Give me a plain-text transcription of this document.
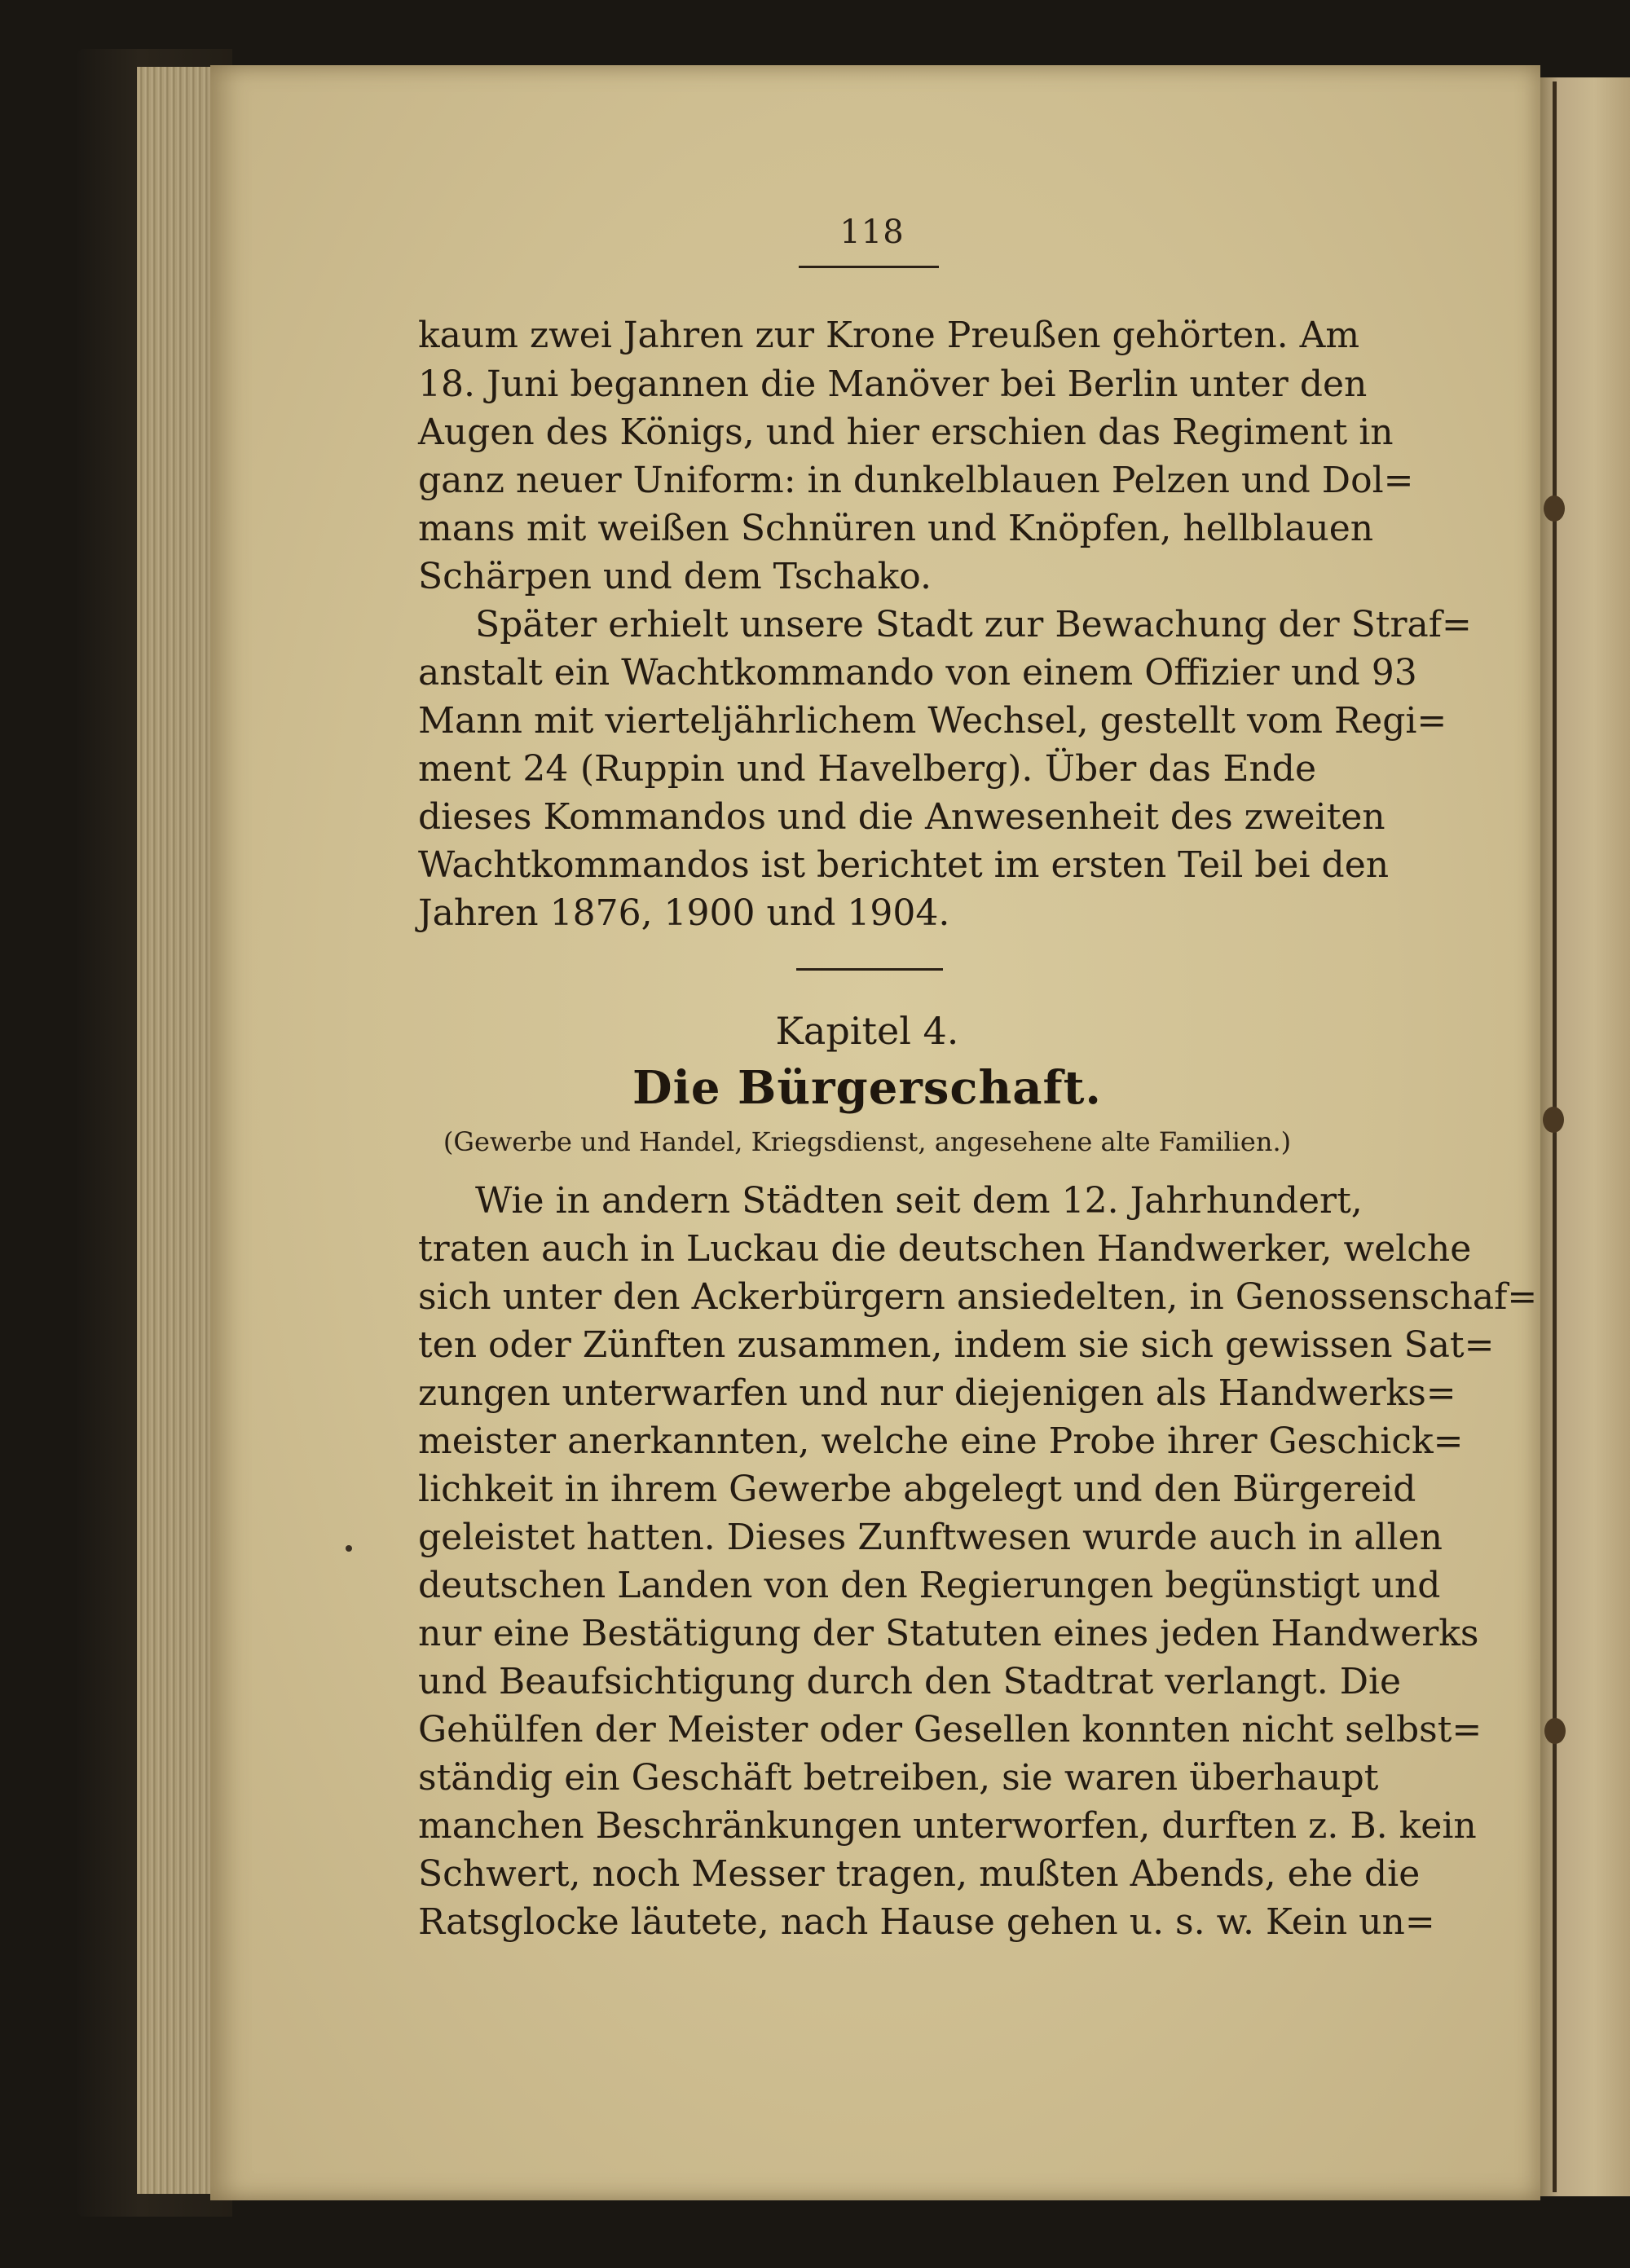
118
kaum zwei Jahren zur Krone Preußen gehörten. Am
18. Juni begannen die Manöver bei Berlin unter den
Augen des Königs, und hier erschien das Regiment in
ganz neuer Uniform: in dunkelblauen Pelzen und Dol=
mans mit weißen Schnüren und Knöpfen, hellblauen
Schärpen und dem Tschako.
Später erhielt unsere Stadt zur Bewachung der Straf=
anstalt ein Wachtkommando von einem Offizier und 93
Mann mit vierteljährlichem Wechsel, gestellt vom Regi=
ment 24 (Ruppin und Havelberg). Über das Ende
dieses Kommandos und die Anwesenheit des zweiten
Wachtkommandos ist berichtet im ersten Teil bei den
Jahren 1876, 1900 und 1904.
Kapitel 4.
Die Bürgerschaft.
(Gewerbe und Handel, Kriegsdienst, angesehene alte Familien.)
Wie in andern Städten seit dem 12. Jahrhundert,
traten auch in Luckau die deutschen Handwerker, welche
sich unter den Ackerbürgern ansiedelten, in Genossenschaf=
ten oder Zünften zusammen, indem sie sich gewissen Sat=
zungen unterwarfen und nur diejenigen als Handwerks=
meister anerkannten, welche eine Probe ihrer Geschick=
lichkeit in ihrem Gewerbe abgelegt und den Bürgereid
geleistet hatten. Dieses Zunftwesen wurde auch in allen
deutschen Landen von den Regierungen begünstigt und
nur eine Bestätigung der Statuten eines jeden Handwerks
und Beaufsichtigung durch den Stadtrat verlangt. Die
Gehülfen der Meister oder Gesellen konnten nicht selbst=
ständig ein Geschäft betreiben, sie waren überhaupt
manchen Beschränkungen unterworfen, durften z. B. kein
Schwert, noch Messer tragen, mußten Abends, ehe die
Ratsglocke läutete, nach Hause gehen u. s. w. Kein un=
